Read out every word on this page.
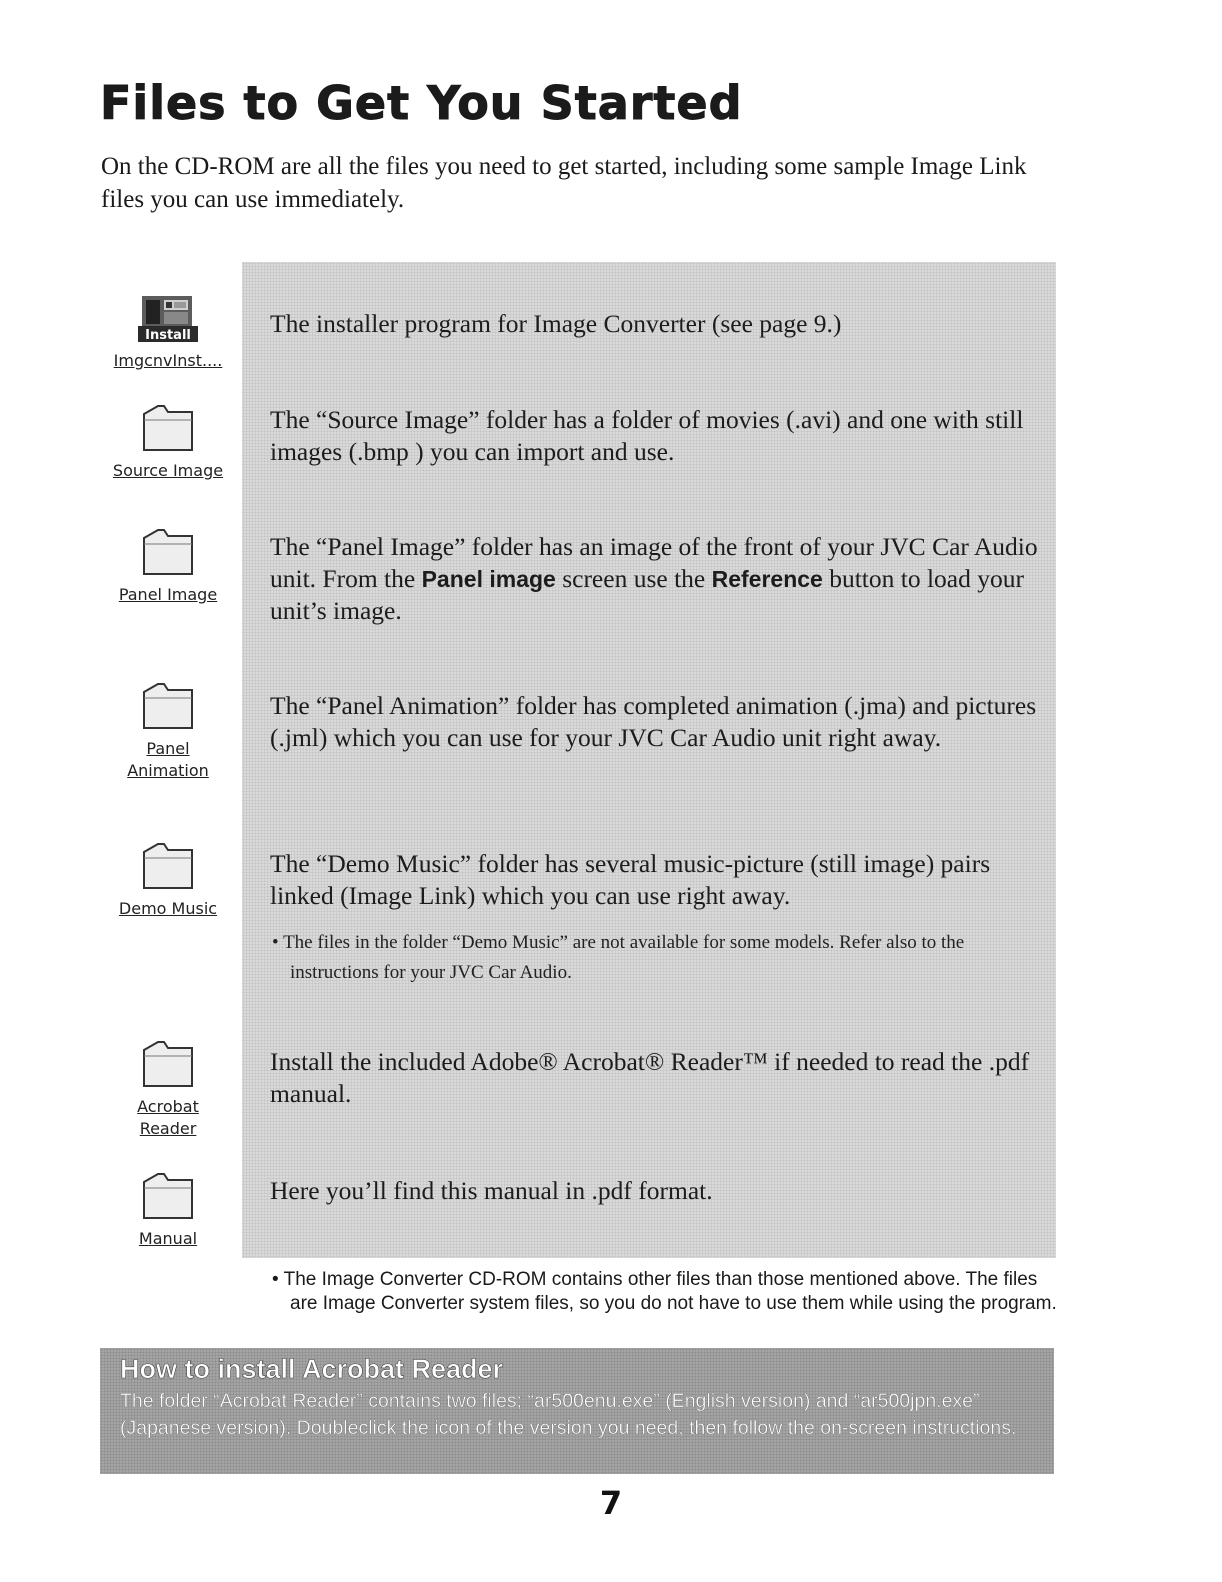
Files to Get You Started

On the CD-ROM are all the files you need to get started, including some sample Image Link files you can use immediately.

Install
ImgcnvInst....
Source Image
Panel Image
Panel
Animation
Demo Music
Acrobat
Reader
Manual

The installer program for Image Converter (see page 9.)

The “Source Image” folder has a folder of movies (.avi) and one with still images (.bmp ) you can import and use.

The “Panel Image” folder has an image of the front of your JVC Car Audio unit. From the Panel image screen use the Reference button to load your unit’s image.

The “Panel Animation” folder has completed animation (.jma) and pictures (.jml) which you can use for your JVC Car Audio unit right away.

The “Demo Music” folder has several music-picture (still image) pairs linked (Image Link) which you can use right away.

• The files in the folder “Demo Music” are not available for some models. Refer also to the instructions for your JVC Car Audio.

Install the included Adobe® Acrobat® Reader™ if needed to read the .pdf manual.

Here you’ll find this manual in .pdf format.

• The Image Converter CD-ROM contains other files than those mentioned above. The files are Image Converter system files, so you do not have to use them while using the program.

How to install Acrobat Reader

The folder “Acrobat Reader” contains two files; “ar500enu.exe” (English version) and “ar500jpn.exe” (Japanese version). Doubleclick the icon of the version you need, then follow the on-screen instructions.

7
